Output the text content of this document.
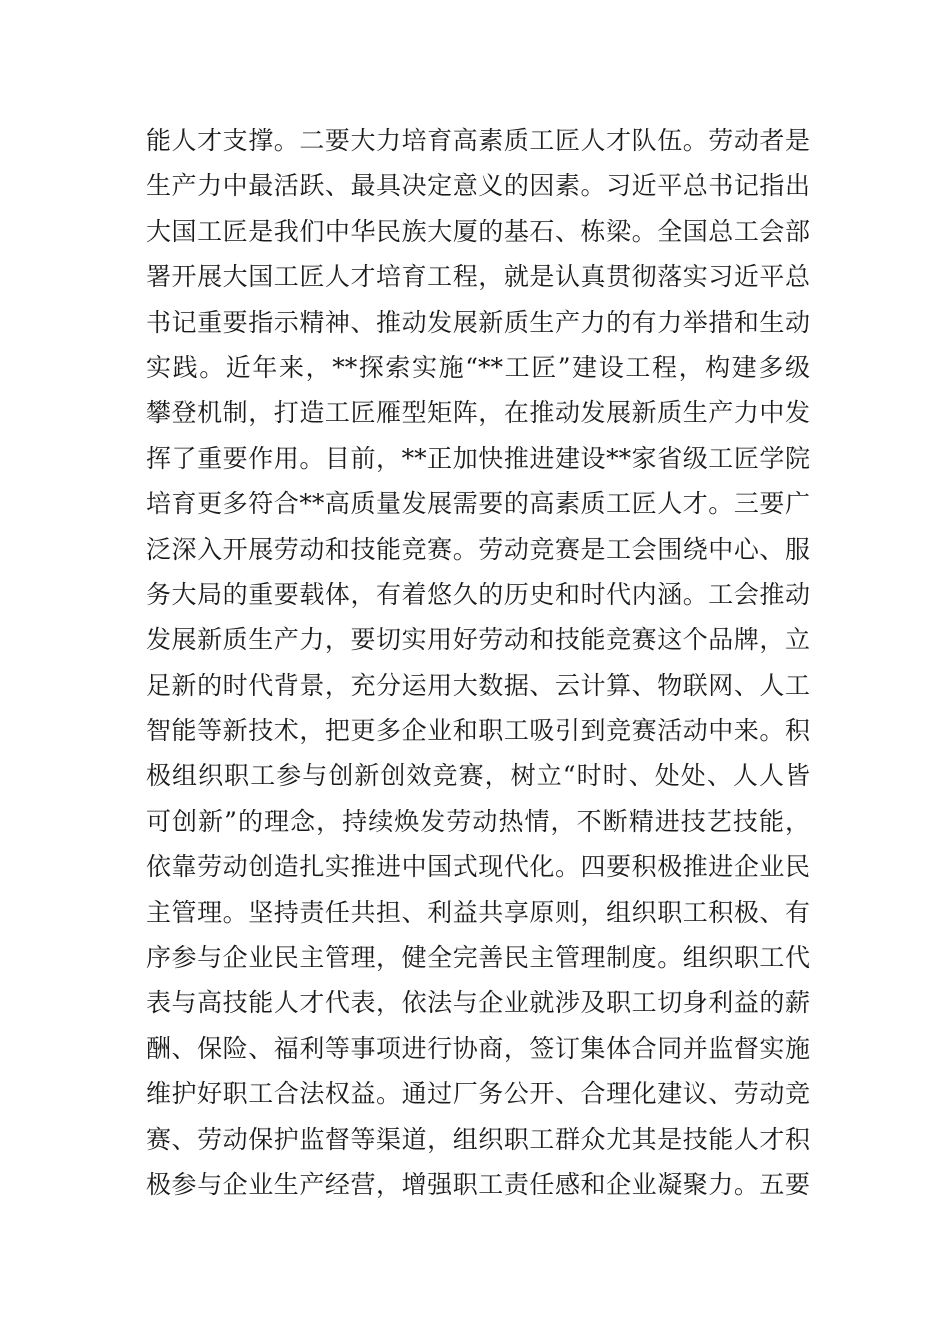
能人才支撑。二要大力培育高素质工匠人才队伍。劳动者是
生产力中最活跃、最具决定意义的因素。习近平总书记指出
大国工匠是我们中华民族大厦的基石、栋梁。全国总工会部
署开展大国工匠人才培育工程，就是认真贯彻落实习近平总
书记重要指示精神、推动发展新质生产力的有力举措和生动
实践。近年来，**探索实施“**工匠”建设工程，构建多级
攀登机制，打造工匠雁型矩阵，在推动发展新质生产力中发
挥了重要作用。目前，**正加快推进建设**家省级工匠学院
培育更多符合**高质量发展需要的高素质工匠人才。三要广
泛深入开展劳动和技能竞赛。劳动竞赛是工会围绕中心、服
务大局的重要载体，有着悠久的历史和时代内涵。工会推动
发展新质生产力，要切实用好劳动和技能竞赛这个品牌，立
足新的时代背景，充分运用大数据、云计算、物联网、人工
智能等新技术，把更多企业和职工吸引到竞赛活动中来。积
极组织职工参与创新创效竞赛，树立“时时、处处、人人皆
可创新”的理念，持续焕发劳动热情，不断精进技艺技能，
依靠劳动创造扎实推进中国式现代化。四要积极推进企业民
主管理。坚持责任共担、利益共享原则，组织职工积极、有
序参与企业民主管理，健全完善民主管理制度。组织职工代
表与高技能人才代表，依法与企业就涉及职工切身利益的薪
酬、保险、福利等事项进行协商，签订集体合同并监督实施
维护好职工合法权益。通过厂务公开、合理化建议、劳动竞
赛、劳动保护监督等渠道，组织职工群众尤其是技能人才积
极参与企业生产经营，增强职工责任感和企业凝聚力。五要
